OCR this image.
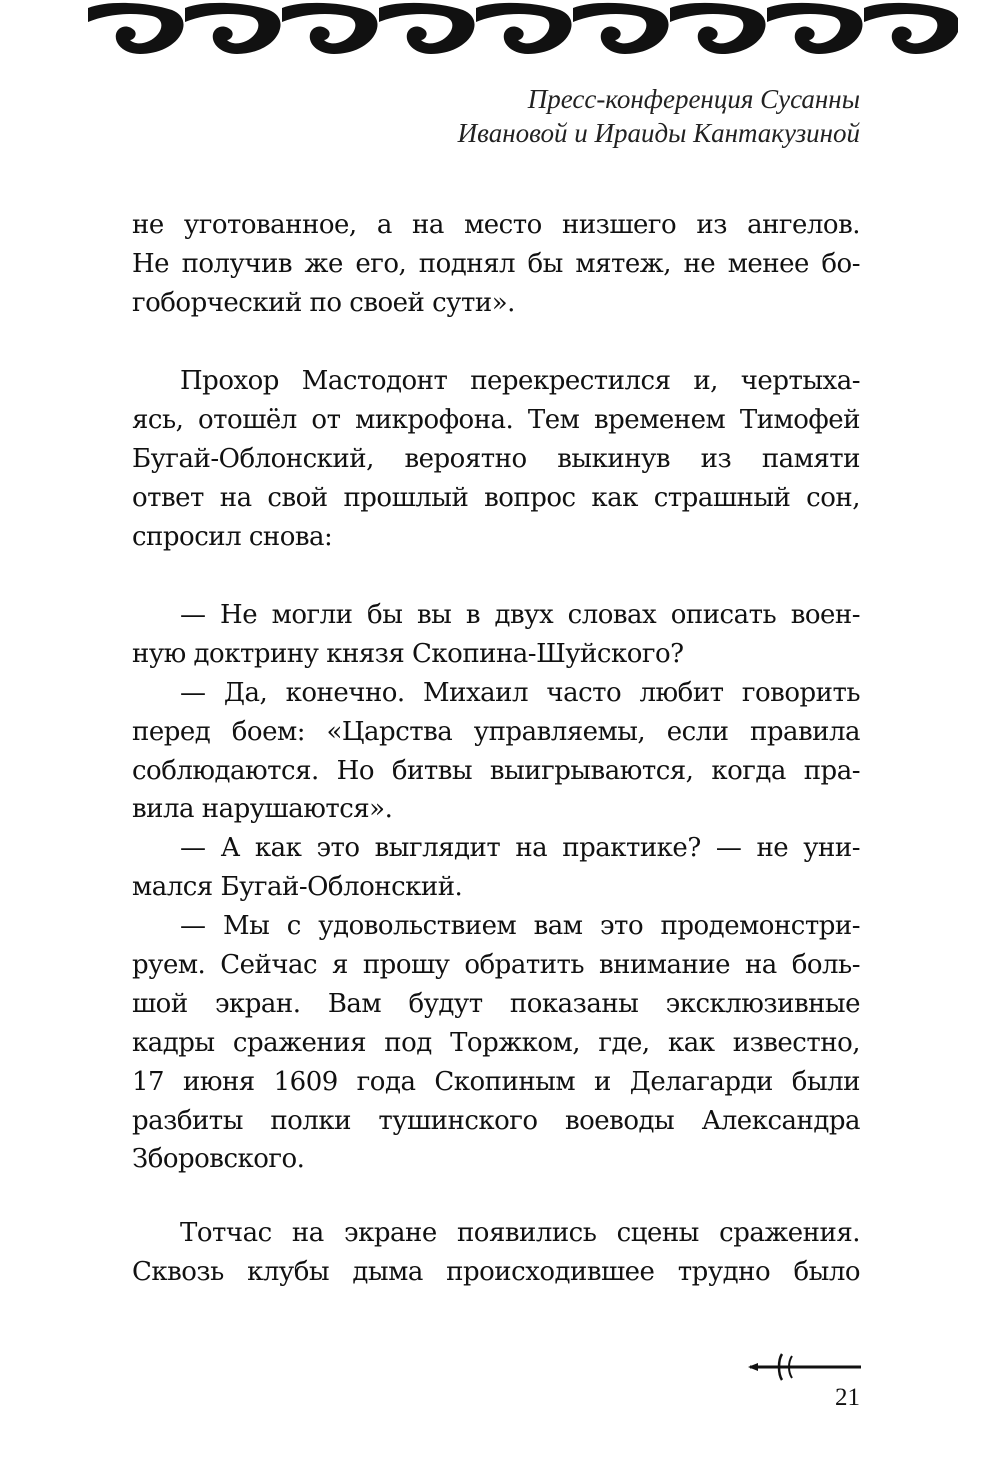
Пресс-конференция Сусанны
Ивановой и Ираиды Кантакузиной
не уготованное, а на место низшего из ангелов.
Не получив же его, поднял бы мятеж, не менее бо-
гоборческий по своей сути».
Прохор Мастодонт перекрестился и, чертыха-
ясь, отошёл от микрофона. Тем временем Тимофей
Бугай-Облонский, вероятно выкинув из памяти
ответ на свой прошлый вопрос как страшный сон,
спросил снова:
— Не могли бы вы в двух словах описать воен-
ную доктрину князя Скопина-Шуйского?
— Да, конечно. Михаил часто любит говорить
перед боем: «Царства управляемы, если правила
соблюдаются. Но битвы выигрываются, когда пра-
вила нарушаются».
— А как это выглядит на практике? — не уни-
мался Бугай-Облонский.
— Мы с удовольствием вам это продемонстри-
руем. Сейчас я прошу обратить внимание на боль-
шой экран. Вам будут показаны эксклюзивные
кадры сражения под Торжком, где, как известно,
17 июня 1609 года Скопиным и Делагарди были
разбиты полки тушинского воеводы Александра
Зборовского.
Тотчас на экране появились сцены сражения.
Сквозь клубы дыма происходившее трудно было
21
